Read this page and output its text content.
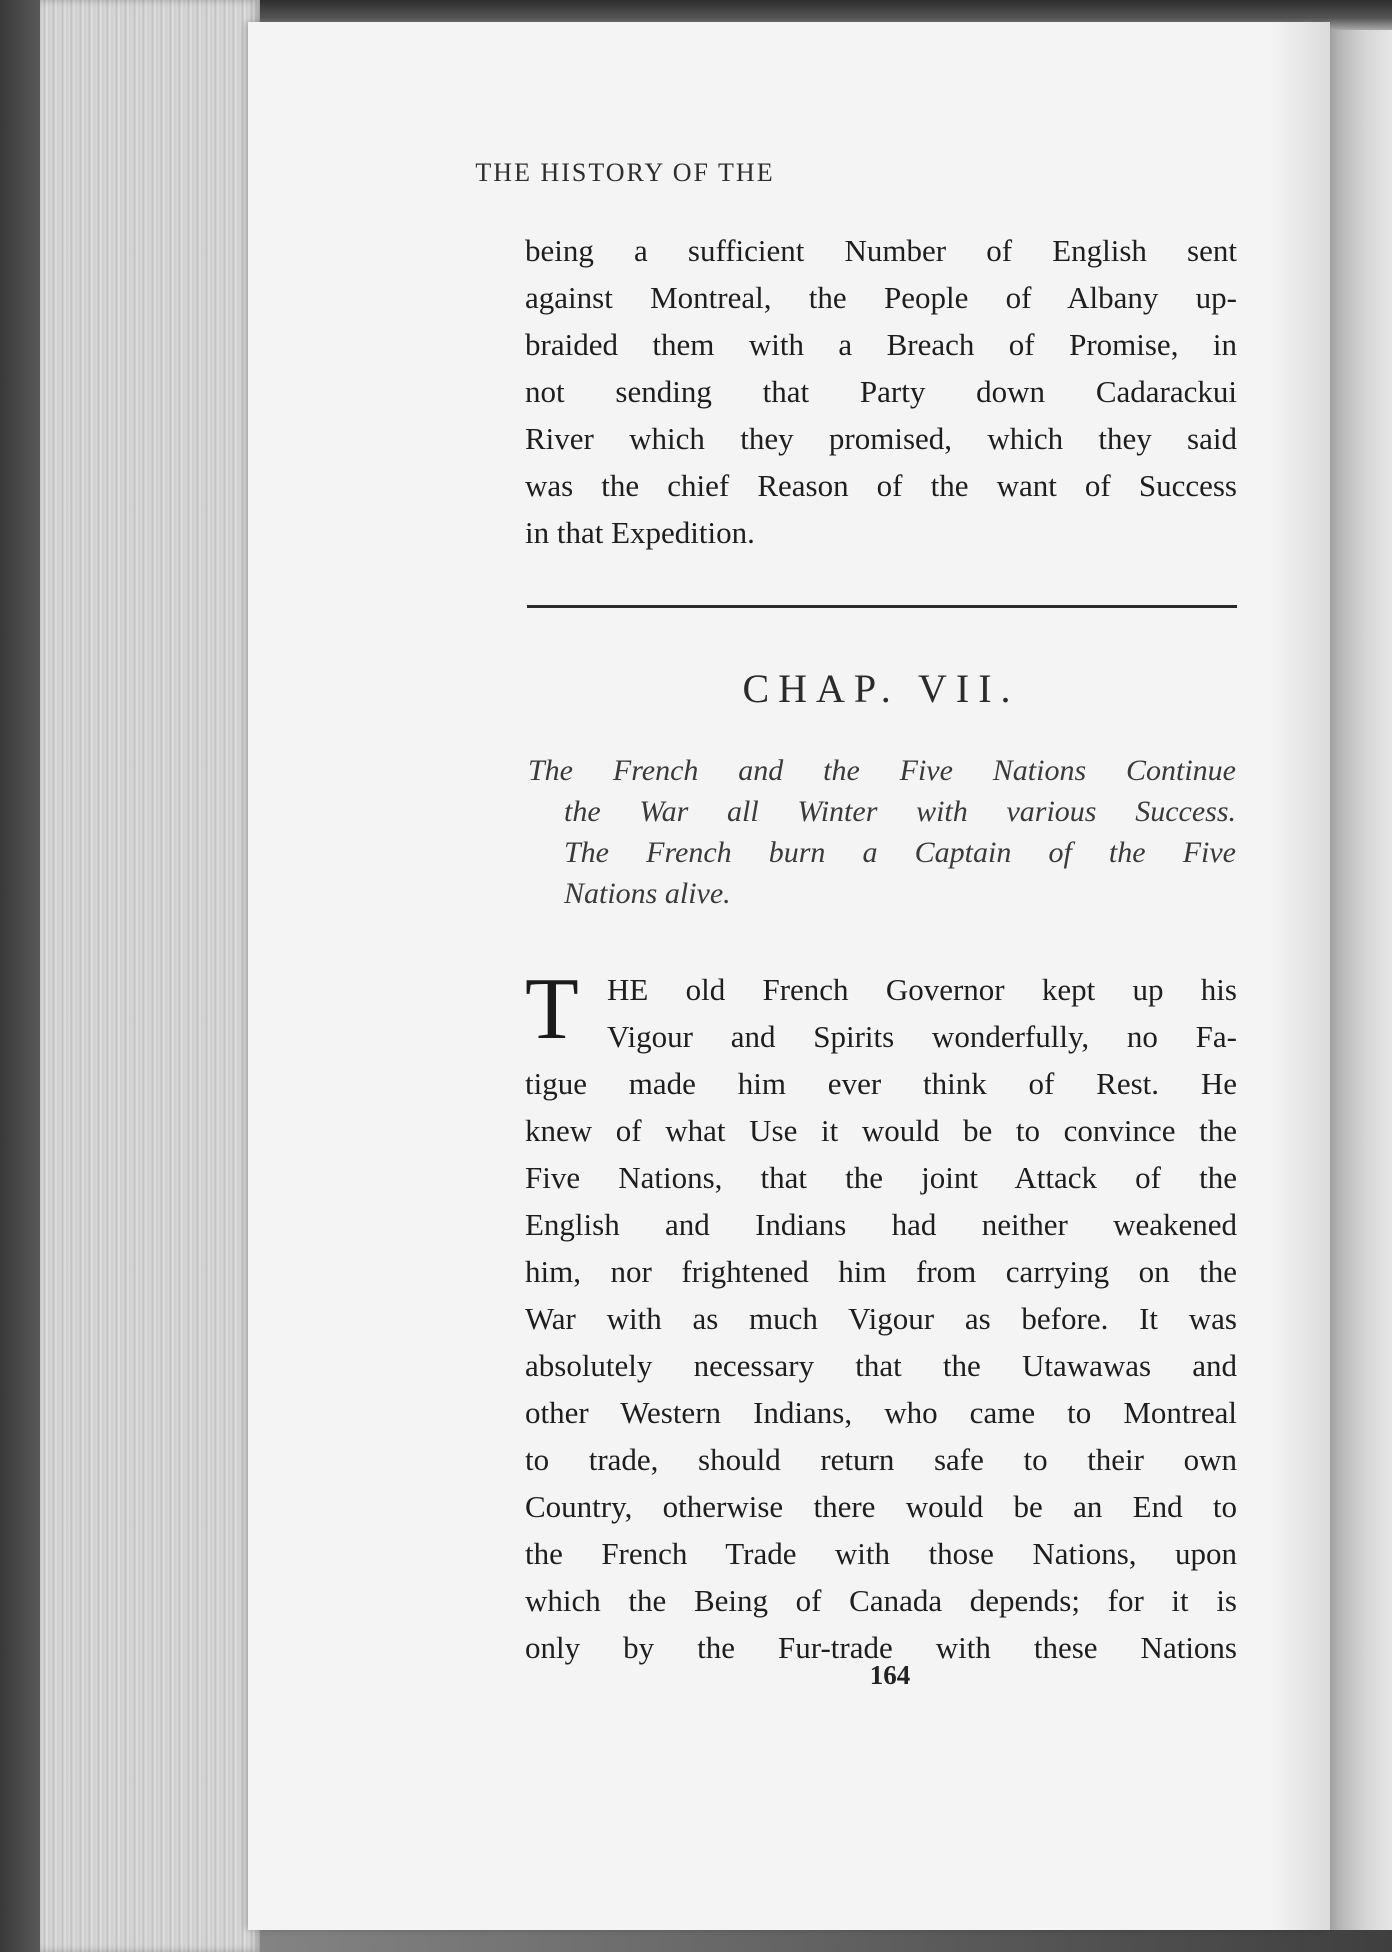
THE HISTORY OF THE
being a sufficient Number of English sent
against Montreal, the People of Albany up-
braided them with a Breach of Promise, in
not sending that Party down Cadarackui
River which they promised, which they said
was the chief Reason of the want of Success
in that Expedition.
CHAP. VII.
The French and the Five Nations Continue
the War all Winter with various Success.
The French burn a Captain of the Five
Nations alive.
T HE old French Governor kept up his
Vigour and Spirits wonderfully, no Fa-
tigue made him ever think of Rest. He
knew of what Use it would be to convince the
Five Nations, that the joint Attack of the
English and Indians had neither weakened
him, nor frightened him from carrying on the
War with as much Vigour as before. It was
absolutely necessary that the Utawawas and
other Western Indians, who came to Montreal
to trade, should return safe to their own
Country, otherwise there would be an End to
the French Trade with those Nations, upon
which the Being of Canada depends; for it is
only by the Fur-trade with these Nations
164
